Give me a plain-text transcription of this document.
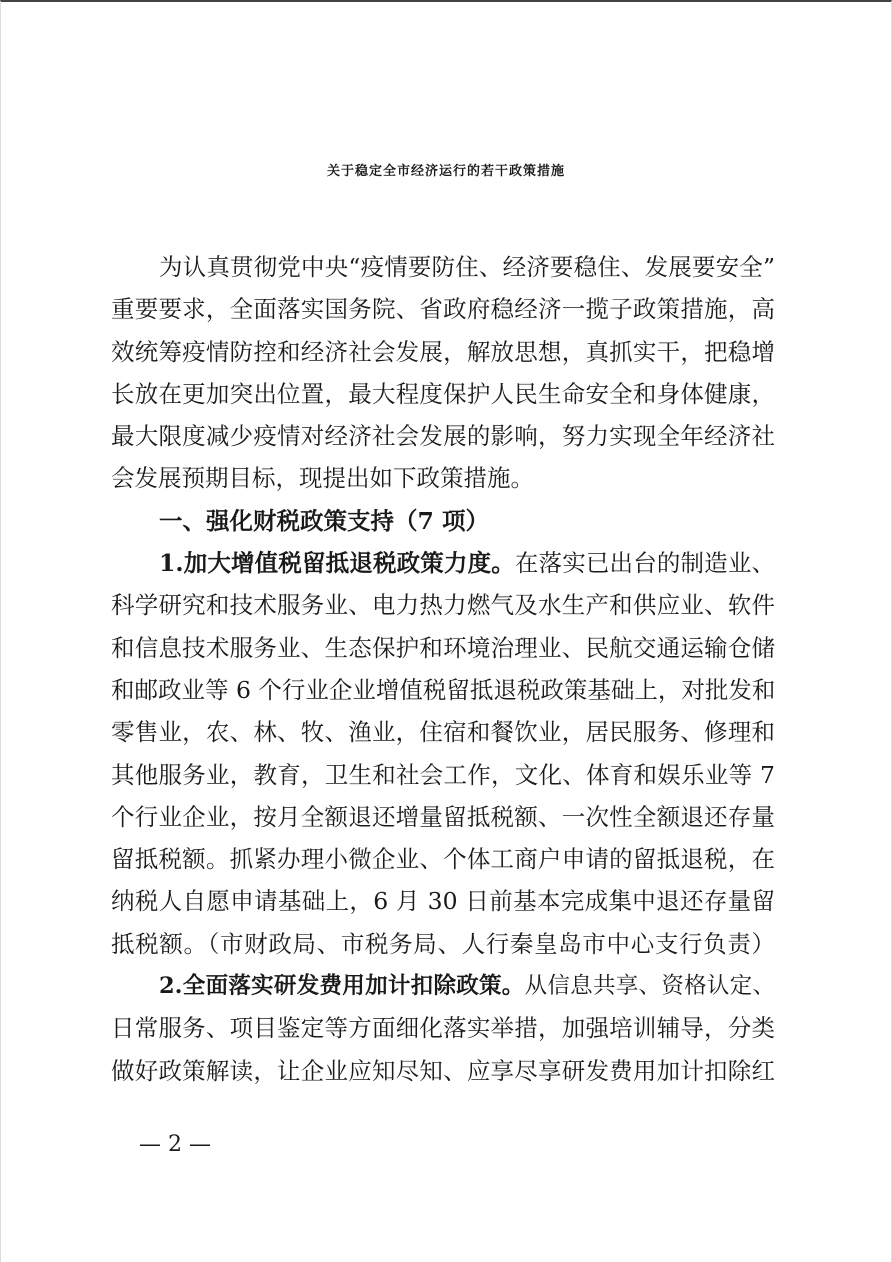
关于稳定全市经济运行的若干政策措施
为认真贯彻党中央“疫情要防住、经济要稳住、发展要安全”
重要要求，全面落实国务院、省政府稳经济一揽子政策措施，高
效统筹疫情防控和经济社会发展，解放思想，真抓实干，把稳增
长放在更加突出位置，最大程度保护人民生命安全和身体健康，
最大限度减少疫情对经济社会发展的影响，努力实现全年经济社
会发展预期目标，现提出如下政策措施。
一、强化财税政策支持（7 项）
1.加大增值税留抵退税政策力度。在落实已出台的制造业、
科学研究和技术服务业、电力热力燃气及水生产和供应业、软件
和信息技术服务业、生态保护和环境治理业、民航交通运输仓储
和邮政业等 6 个行业企业增值税留抵退税政策基础上，对批发和
零售业，农、林、牧、渔业，住宿和餐饮业，居民服务、修理和
其他服务业，教育，卫生和社会工作，文化、体育和娱乐业等 7
个行业企业，按月全额退还增量留抵税额、一次性全额退还存量
留抵税额。抓紧办理小微企业、个体工商户申请的留抵退税，在
纳税人自愿申请基础上，6 月 30 日前基本完成集中退还存量留
抵税额。（市财政局、市税务局、人行秦皇岛市中心支行负责）
2.全面落实研发费用加计扣除政策。从信息共享、资格认定、
日常服务、项目鉴定等方面细化落实举措，加强培训辅导，分类
做好政策解读，让企业应知尽知、应享尽享研发费用加计扣除红
— 2 —
